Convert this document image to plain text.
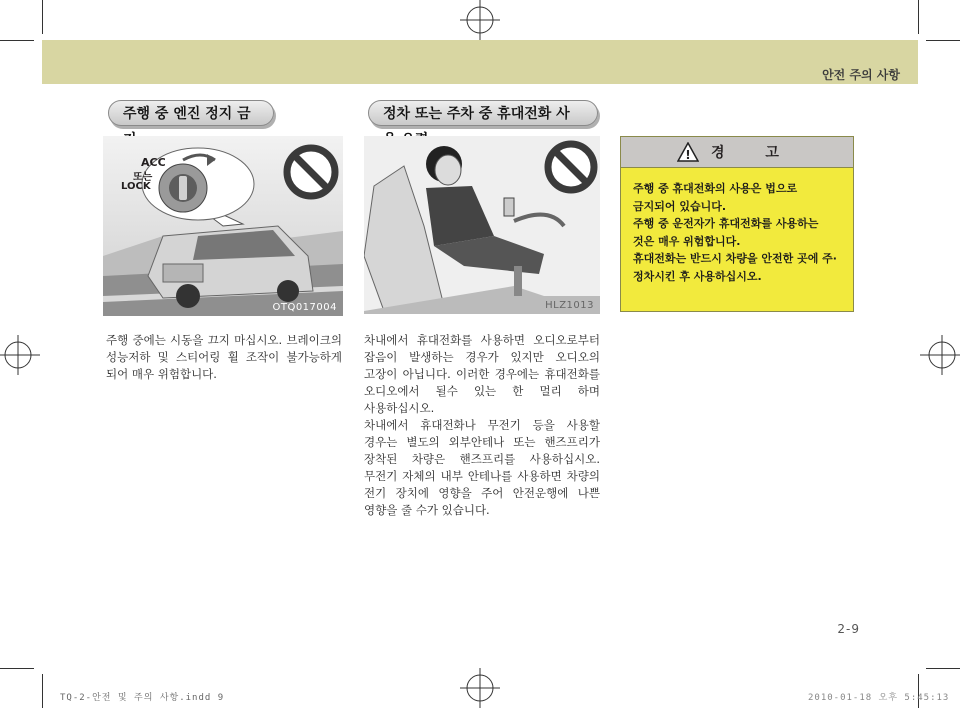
안전 주의 사항
주행 중 엔진 정지 금	정차 또는 주차 중 휴대전화 사
ACC
또는
LOCK
OTQ017004	HLZ1013

주행 중에는 시동을 끄지 마십시오. 브레이크의 성능저하 및 스티어링 휠 조작이 불가능하게 되어 매우 위험합니다.

차내에서 휴대전화를 사용하면 오디오로부터 잡음이 발생하는 경우가 있지만 오디오의 고장이 아닙니다. 이러한 경우에는 휴대전화를 오디오에서 될수 있는 한 멀리 하며 사용하십시오.

차내에서 휴대전화나 무전기 등을 사용할 경우는 별도의 외부안테나 또는 핸즈프리가 장착된 차량은 핸즈프리를 사용하십시오. 무전기 자체의 내부 안테나를 사용하면 차량의 전기 장치에 영향을 주어 안전운행에 나쁜 영향을 줄 수가 있습니다.

! 경 고

주행 중 휴대전화의 사용은 법으로 금지되어 있습니다.

주행 중 운전자가 휴대전화를 사용하는 것은 매우 위험합니다.

휴대전화는 반드시 차량을 안전한 곳에 주·정차시킨 후 사용하십시오.

2-9
TQ-2-안전 및 주의 사항.indd 9	2010-01-18 오후 5:45:13
